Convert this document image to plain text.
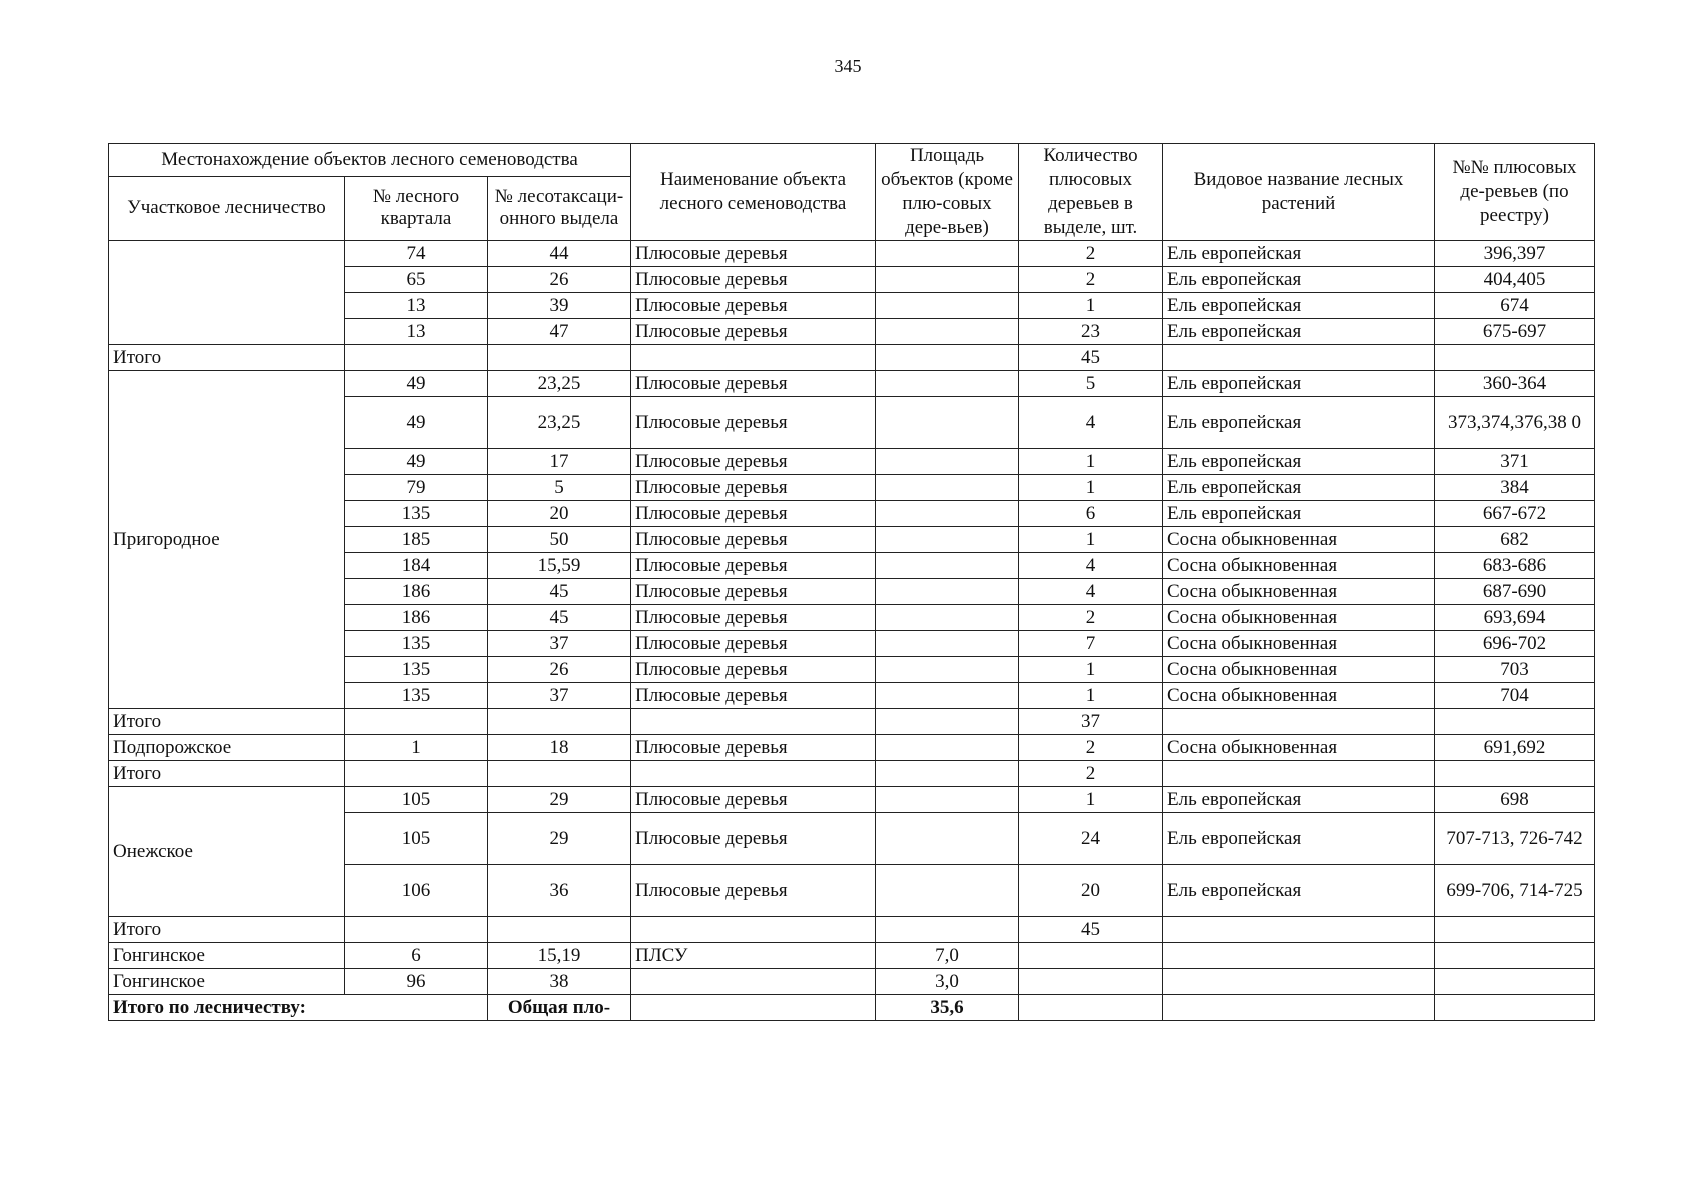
345
Местонахождение объектов лесного семеноводства			Наименование объекта лесного семеноводства	Площадь объектов (кроме плю-совых дере-вьев)	Количество плюсовых деревьев в выделе, шт.	Видовое название лесных растений	№№ плюсовых де-ревьев (по реестру)
Участковое лесничество	№ лесного квартала	№ лесотаксаци-онного выдела					
	74	44	Плюсовые деревья		2	Ель европейская	396,397
	65	26	Плюсовые деревья		2	Ель европейская	404,405
	13	39	Плюсовые деревья		1	Ель европейская	674
	13	47	Плюсовые деревья		23	Ель европейская	675-697
Итого					45		
Пригородное	49	23,25	Плюсовые деревья		5	Ель европейская	360-364
	49	23,25	Плюсовые деревья		4	Ель европейская	373,374,376,38 0
	49	17	Плюсовые деревья		1	Ель европейская	371
	79	5	Плюсовые деревья		1	Ель европейская	384
	135	20	Плюсовые деревья		6	Ель европейская	667-672
	185	50	Плюсовые деревья		1	Сосна обыкновенная	682
	184	15,59	Плюсовые деревья		4	Сосна обыкновенная	683-686
	186	45	Плюсовые деревья		4	Сосна обыкновенная	687-690
	186	45	Плюсовые деревья		2	Сосна обыкновенная	693,694
	135	37	Плюсовые деревья		7	Сосна обыкновенная	696-702
	135	26	Плюсовые деревья		1	Сосна обыкновенная	703
	135	37	Плюсовые деревья		1	Сосна обыкновенная	704
Итого					37		
Подпорожское	1	18	Плюсовые деревья		2	Сосна обыкновенная	691,692
Итого					2		
Онежское	105	29	Плюсовые деревья		1	Ель европейская	698
	105	29	Плюсовые деревья		24	Ель европейская	707-713, 726-742
	106	36	Плюсовые деревья		20	Ель европейская	699-706, 714-725
Итого					45		
Гонгинское	6	15,19	ПЛСУ	7,0			
Гонгинское	96	38		3,0			
Итого по лесничеству:		Общая пло-		35,6			
